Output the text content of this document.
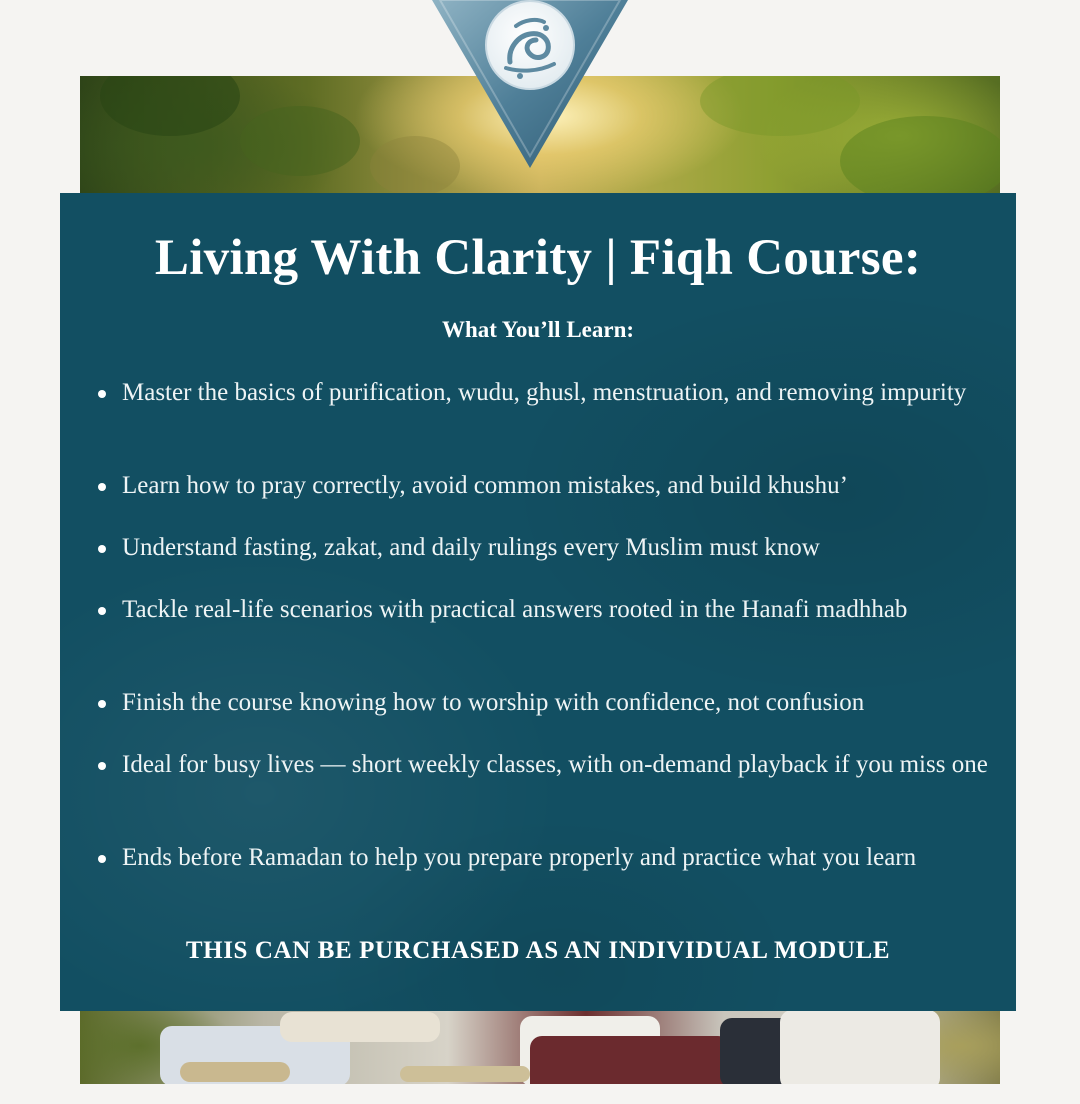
Living With Clarity | Fiqh Course:
What You’ll Learn:
Master the basics of purification, wudu, ghusl, menstruation, and removing impurity
Learn how to pray correctly, avoid common mistakes, and build khushu’
Understand fasting, zakat, and daily rulings every Muslim must know
Tackle real-life scenarios with practical answers rooted in the Hanafi madhhab
Finish the course knowing how to worship with confidence, not confusion
Ideal for busy lives — short weekly classes, with on-demand playback if you miss one
Ends before Ramadan to help you prepare properly and practice what you learn
THIS CAN BE PURCHASED AS AN INDIVIDUAL MODULE
